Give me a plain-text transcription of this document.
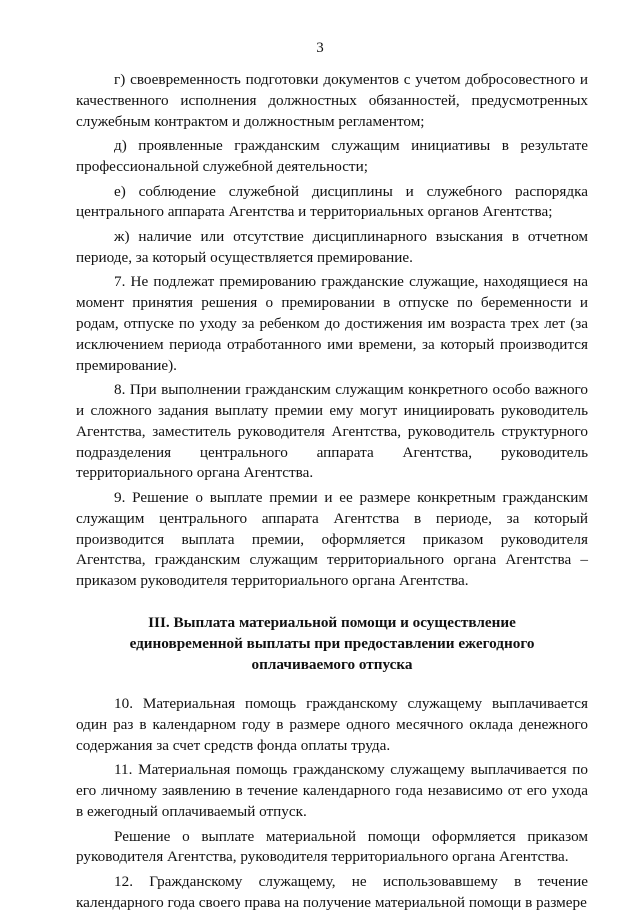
3

г) своевременность подготовки документов с учетом добросовестного и качественного исполнения должностных обязанностей, предусмотренных служебным контрактом и должностным регламентом;

д) проявленные гражданским служащим инициативы в результате профессиональной служебной деятельности;

е) соблюдение служебной дисциплины и служебного распорядка центрального аппарата Агентства и территориальных органов Агентства;

ж) наличие или отсутствие дисциплинарного взыскания в отчетном периоде, за который осуществляется премирование.

7. Не подлежат премированию гражданские служащие, находящиеся на момент принятия решения о премировании в отпуске по беременности и родам, отпуске по уходу за ребенком до достижения им возраста трех лет (за исключением периода отработанного ими времени, за который производится премирование).

8. При выполнении гражданским служащим конкретного особо важного и сложного задания выплату премии ему могут инициировать руководитель Агентства, заместитель руководителя Агентства, руководитель структурного подразделения центрального аппарата Агентства, руководитель территориального органа Агентства.

9. Решение о выплате премии и ее размере конкретным гражданским служащим центрального аппарата Агентства в периоде, за который производится выплата премии, оформляется приказом руководителя Агентства, гражданским служащим территориального органа Агентства – приказом руководителя территориального органа Агентства.

III. Выплата материальной помощи и осуществление
единовременной выплаты при предоставлении ежегодного
оплачиваемого отпуска

10. Материальная помощь гражданскому служащему выплачивается один раз в календарном году в размере одного месячного оклада денежного содержания за счет средств фонда оплаты труда.

11. Материальная помощь гражданскому служащему выплачивается по его личному заявлению в течение календарного года независимо от его ухода в ежегодный оплачиваемый отпуск.

Решение о выплате материальной помощи оформляется приказом руководителя Агентства, руководителя территориального органа Агентства.

12. Гражданскому служащему, не использовавшему в течение календарного года своего права на получение материальной помощи в размере
